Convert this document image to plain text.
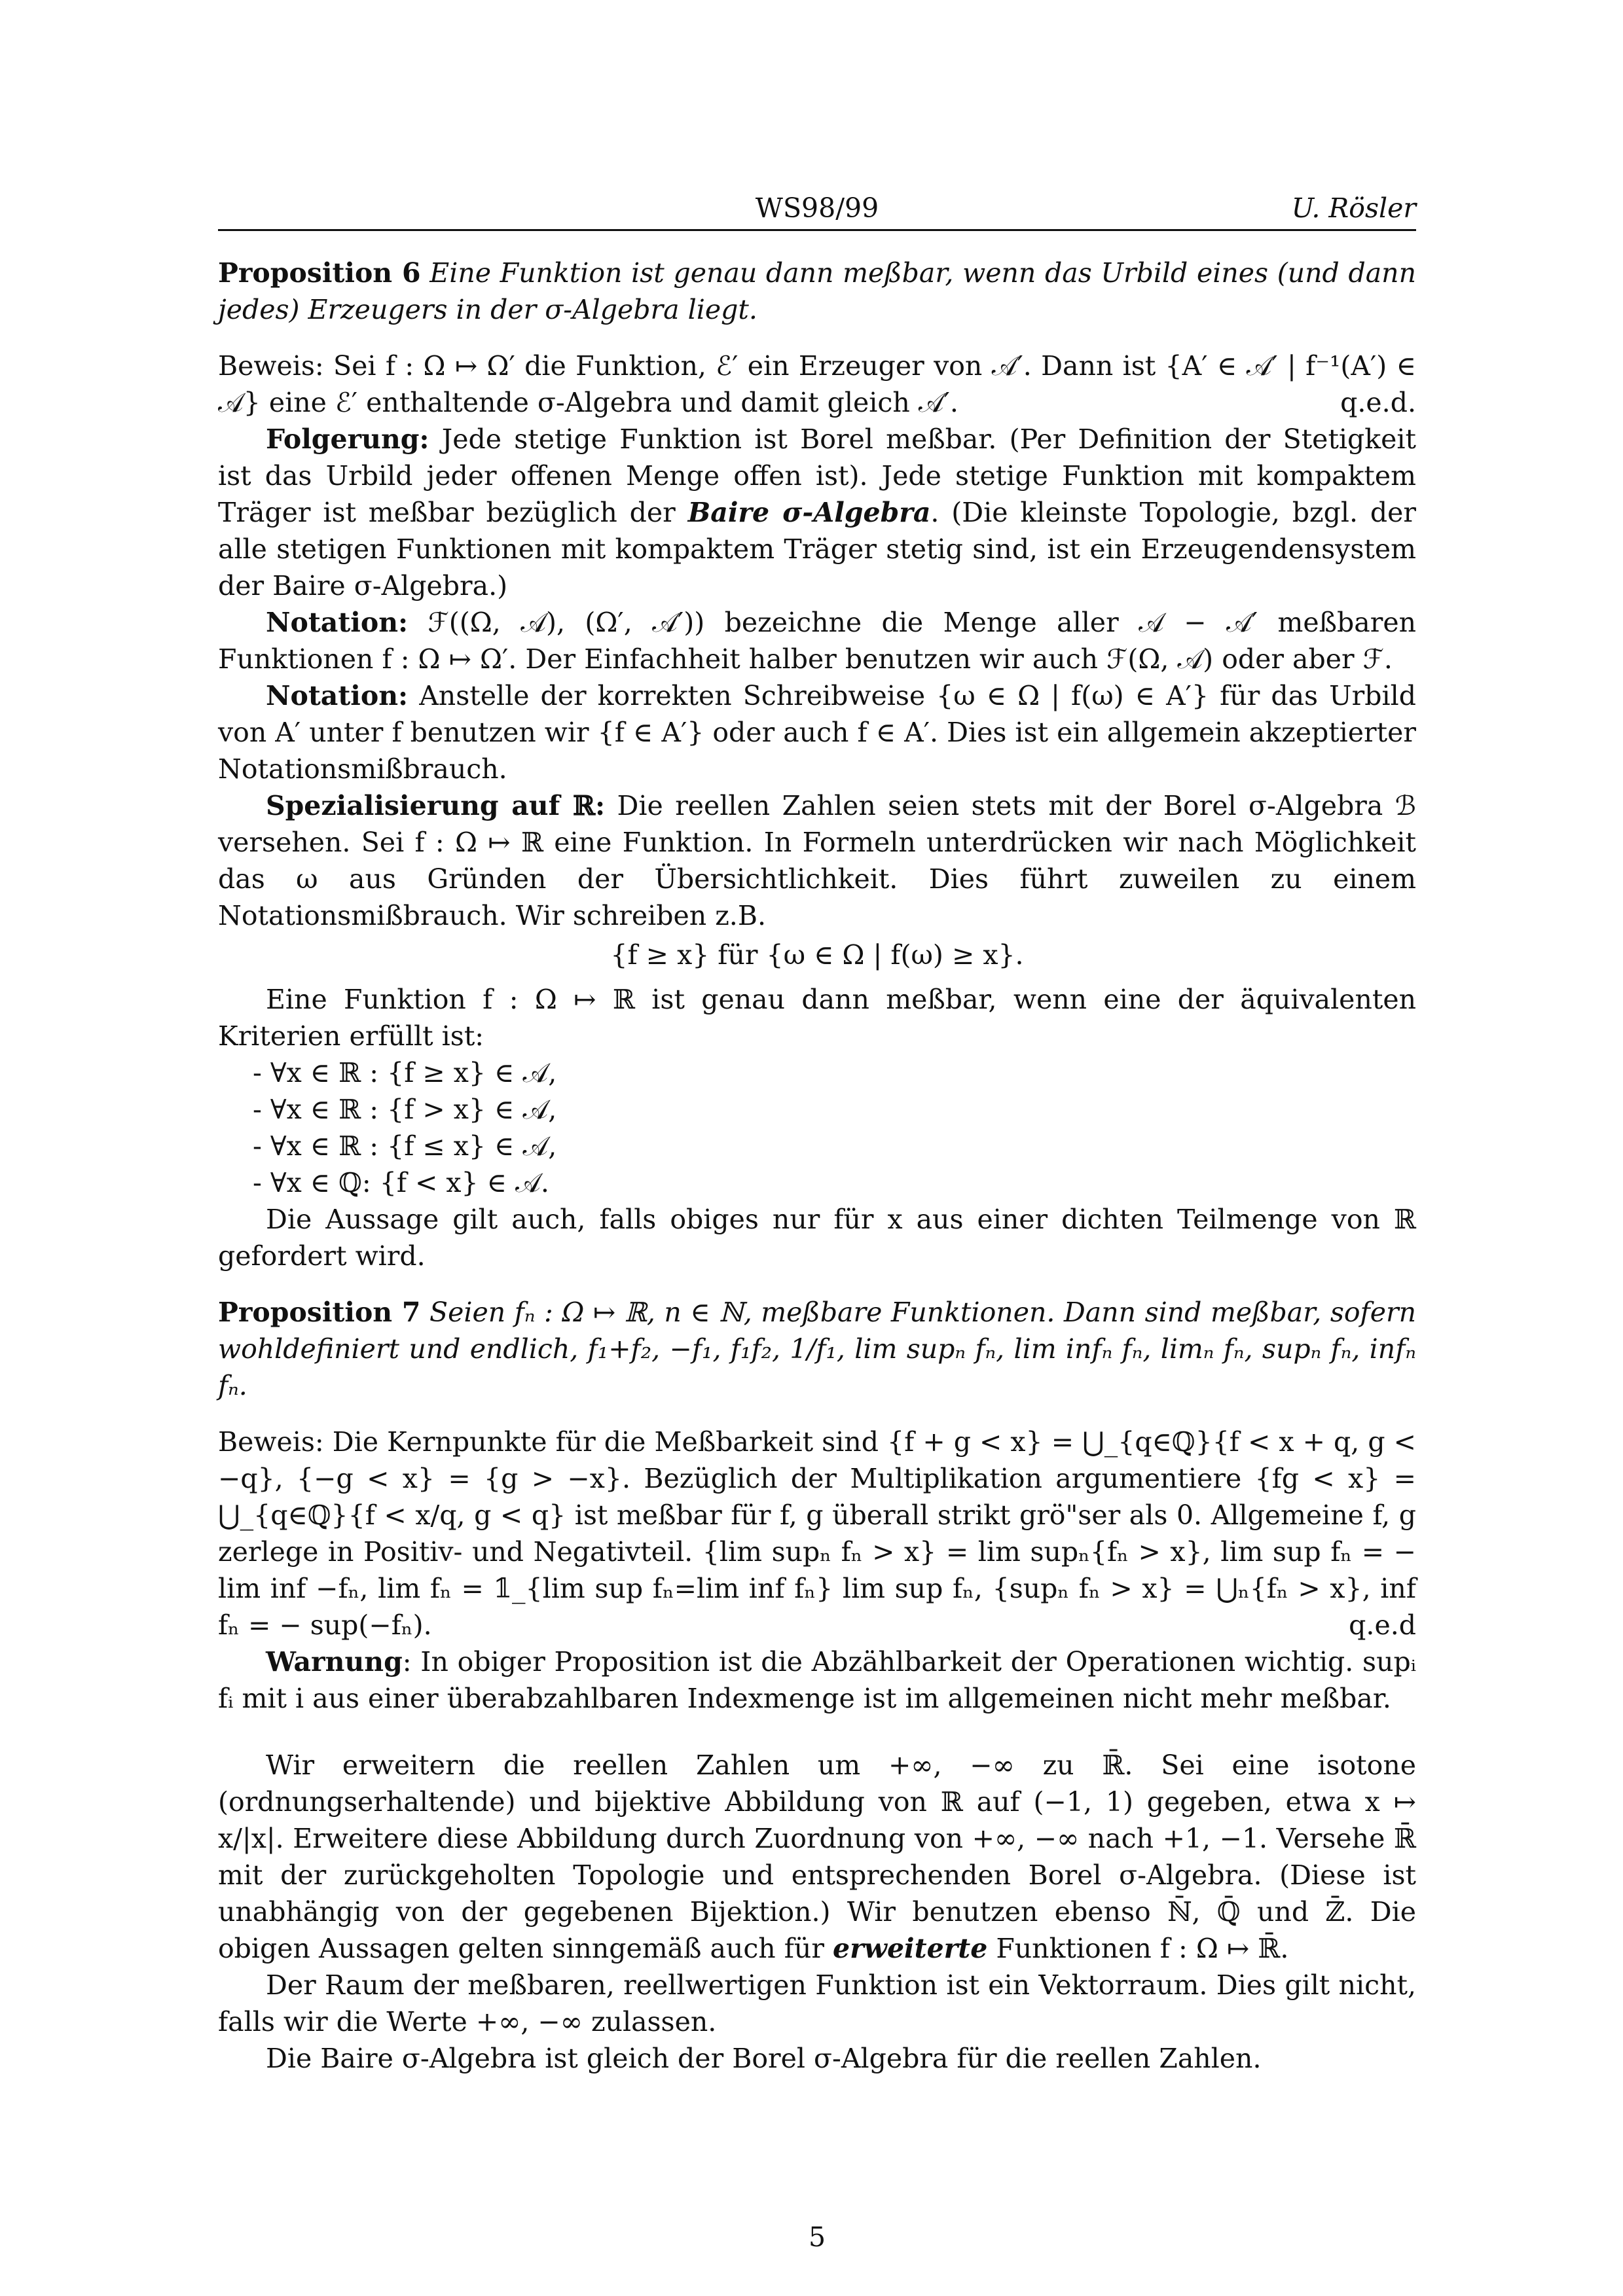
WS98/99	U. Rösler

Proposition 6 Eine Funktion ist genau dann meßbar, wenn das Urbild eines (und dann jedes) Erzeugers in der σ-Algebra liegt.

Beweis: Sei f : Ω ↦ Ω′ die Funktion, ℰ′ ein Erzeuger von 𝒜′. Dann ist {A′ ∈ 𝒜′ | f⁻¹(A′) ∈ 𝒜} eine ℰ′ enthaltende σ-Algebra und damit gleich 𝒜′.	q.e.d.

Folgerung: Jede stetige Funktion ist Borel meßbar. (Per Definition der Stetigkeit ist das Urbild jeder offenen Menge offen ist). Jede stetige Funktion mit kompaktem Träger ist meßbar bezüglich der Baire σ-Algebra. (Die kleinste Topologie, bzgl. der alle stetigen Funktionen mit kompaktem Träger stetig sind, ist ein Erzeugendensystem der Baire σ-Algebra.)

Notation: ℱ((Ω, 𝒜), (Ω′, 𝒜′)) bezeichne die Menge aller 𝒜 − 𝒜′ meßbaren Funktionen f : Ω ↦ Ω′. Der Einfachheit halber benutzen wir auch ℱ(Ω, 𝒜) oder aber ℱ.

Notation: Anstelle der korrekten Schreibweise {ω ∈ Ω | f(ω) ∈ A′} für das Urbild von A′ unter f benutzen wir {f ∈ A′} oder auch f ∈ A′. Dies ist ein allgemein akzeptierter Notationsmißbrauch.

Spezialisierung auf ℝ: Die reellen Zahlen seien stets mit der Borel σ-Algebra ℬ versehen. Sei f : Ω ↦ ℝ eine Funktion. In Formeln unterdrücken wir nach Möglichkeit das ω aus Gründen der Übersichtlichkeit. Dies führt zuweilen zu einem Notationsmißbrauch. Wir schreiben z.B.

{f ≥ x} für {ω ∈ Ω | f(ω) ≥ x}.

Eine Funktion f : Ω ↦ ℝ ist genau dann meßbar, wenn eine der äquivalenten Kriterien erfüllt ist:

- ∀x ∈ ℝ : {f ≥ x} ∈ 𝒜,
- ∀x ∈ ℝ : {f > x} ∈ 𝒜,
- ∀x ∈ ℝ : {f ≤ x} ∈ 𝒜,
- ∀x ∈ ℚ: {f < x} ∈ 𝒜.

Die Aussage gilt auch, falls obiges nur für x aus einer dichten Teilmenge von ℝ gefordert wird.

Proposition 7 Seien fₙ : Ω ↦ ℝ, n ∈ ℕ, meßbare Funktionen. Dann sind meßbar, sofern wohldefiniert und endlich, f₁+f₂, −f₁, f₁f₂, 1/f₁, lim supₙ fₙ, lim infₙ fₙ, limₙ fₙ, supₙ fₙ, infₙ fₙ.

Beweis: Die Kernpunkte für die Meßbarkeit sind {f + g < x} = ⋃_{q∈ℚ}{f < x + q, g < −q}, {−g < x} = {g > −x}. Bezüglich der Multiplikation argumentiere {fg < x} = ⋃_{q∈ℚ}{f < x/q, g < q} ist meßbar für f, g überall strikt grö"ser als 0. Allgemeine f, g zerlege in Positiv- und Negativteil. {lim supₙ fₙ > x} = lim supₙ{fₙ > x}, lim sup fₙ = − lim inf −fₙ, lim fₙ = 𝟙_{lim sup fₙ=lim inf fₙ} lim sup fₙ, {supₙ fₙ > x} = ⋃ₙ{fₙ > x}, inf fₙ = − sup(−fₙ).	q.e.d

Warnung: In obiger Proposition ist die Abzählbarkeit der Operationen wichtig. supᵢ fᵢ mit i aus einer überabzahlbaren Indexmenge ist im allgemeinen nicht mehr meßbar.

Wir erweitern die reellen Zahlen um +∞, −∞ zu ℝ̄. Sei eine isotone (ordnungserhaltende) und bijektive Abbildung von ℝ auf (−1, 1) gegeben, etwa x ↦ x/|x|. Erweitere diese Abbildung durch Zuordnung von +∞, −∞ nach +1, −1. Versehe ℝ̄ mit der zurückgeholten Topologie und entsprechenden Borel σ-Algebra. (Diese ist unabhängig von der gegebenen Bijektion.) Wir benutzen ebenso ℕ̄, ℚ̄ und ℤ̄. Die obigen Aussagen gelten sinngemäß auch für erweiterte Funktionen f : Ω ↦ ℝ̄.

Der Raum der meßbaren, reellwertigen Funktion ist ein Vektorraum. Dies gilt nicht, falls wir die Werte +∞, −∞ zulassen.

Die Baire σ-Algebra ist gleich der Borel σ-Algebra für die reellen Zahlen.

5
